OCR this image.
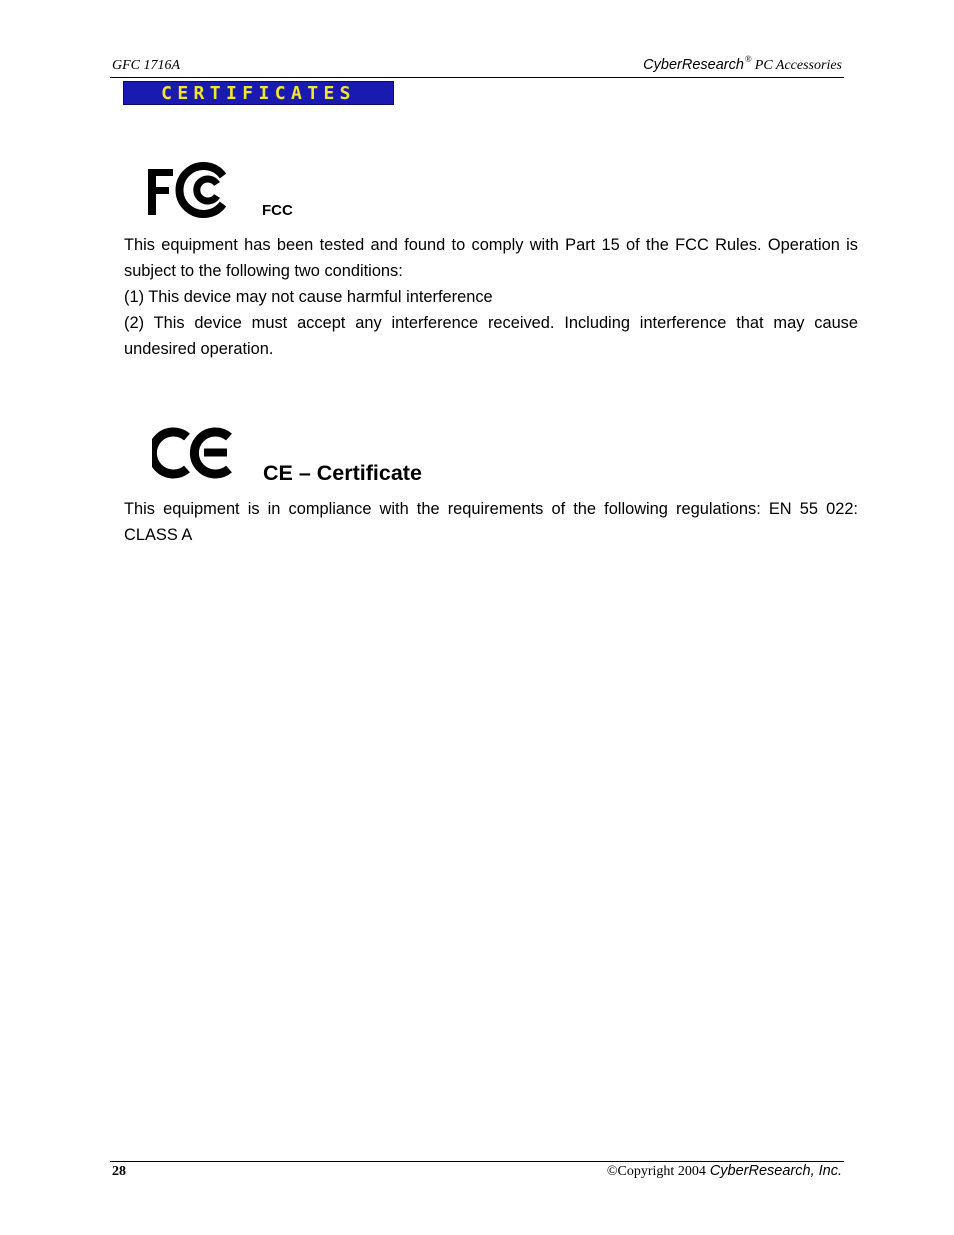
GFC 1716A	CyberResearch® PC Accessories
CERTIFICATES
FCC

This equipment has been tested and found to comply with Part 15 of the FCC Rules. Operation is subject to the following two conditions:

(1) This device may not cause harmful interference

(2) This device must accept any interference received. Including interference that may cause undesired operation.

CE – Certificate

This equipment is in compliance with the requirements of the following regulations: EN 55 022: CLASS A

28	©Copyright 2004 CyberResearch, Inc.
